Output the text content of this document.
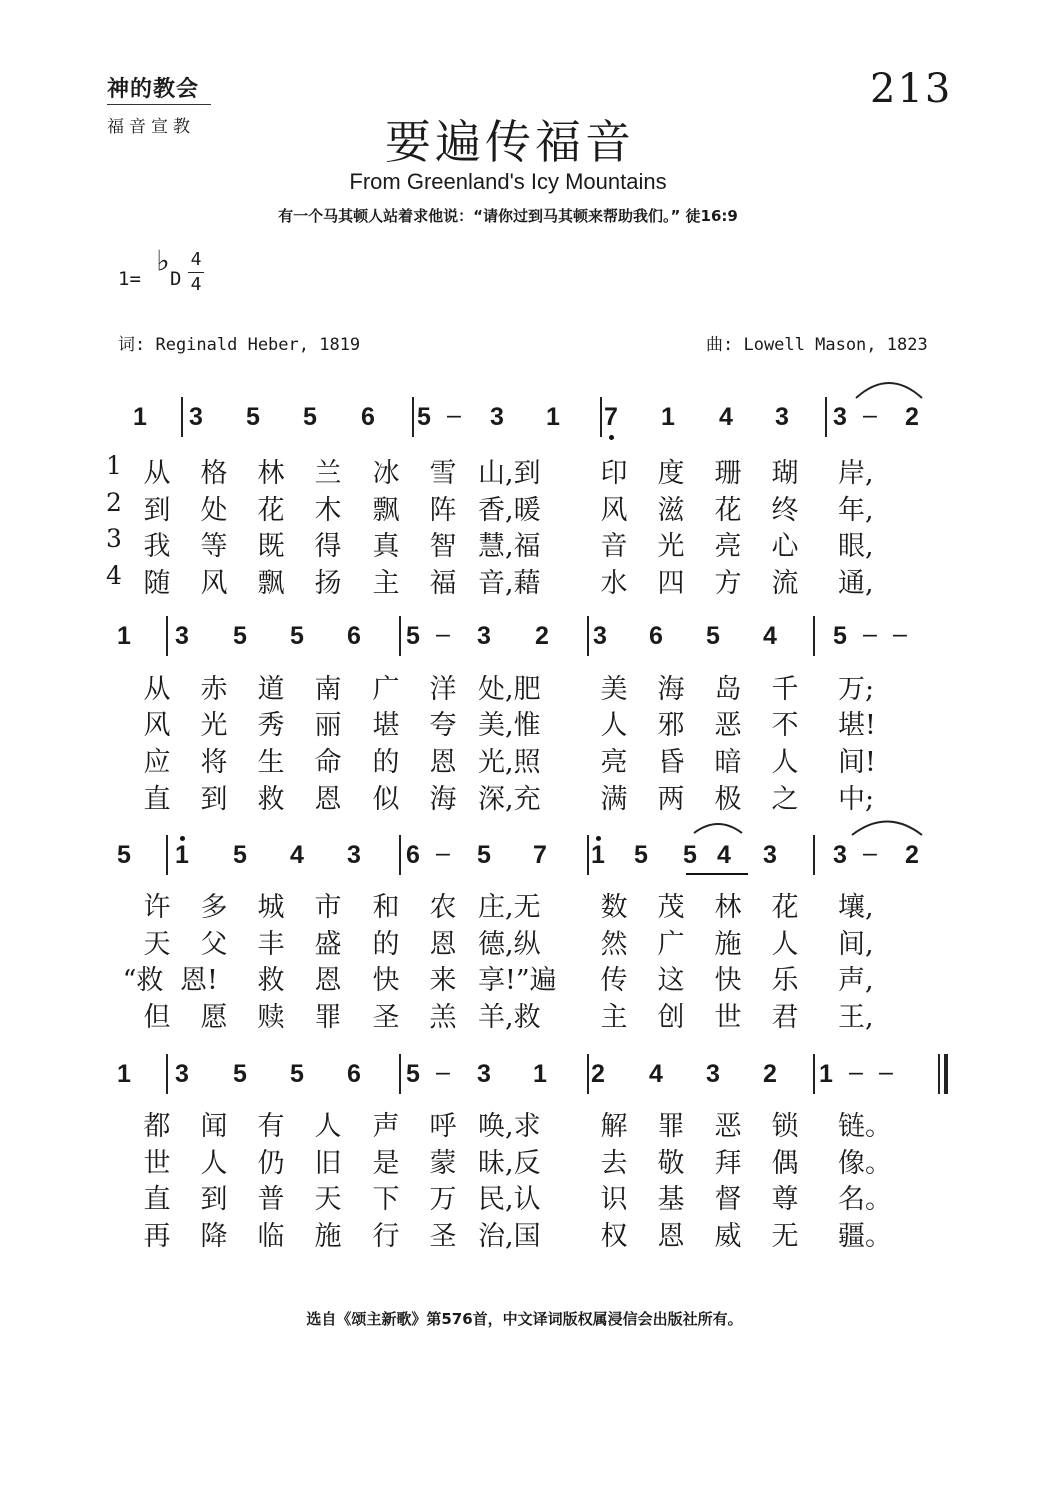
神的教会
福音宣教
213
要遍传福音
From Greenland's Icy Mountains
有一个马其顿人站着求他说：“请你过到马其顿来帮助我们。” 徒16:9
1= ♭
D
4
4
词: Reginald Heber, 1819	曲: Lowell Mason, 1823
1 3 5 5 6 5 – 3 1 7 1 4 3 3 – 2
1 从 格 林 兰 冰 雪 山,到	印 度 珊 瑚 岸,
2 到 处 花 木 飘 阵 香,暖	风 滋 花 终 年,
3 我 等 既 得 真 智 慧,福	音 光 亮 心 眼,
4 随 风 飘 扬 主 福 音,藉	水 四 方 流 通,
1 3 5 5 6 5 – 3 2 3 6 5 4 5 – –
从 赤 道 南 广 洋 处,肥	美 海 岛 千 万;
风 光 秀 丽 堪 夸 美,惟	人 邪 恶 不 堪!
应 将 生 命 的 恩 光,照	亮 昏 暗 人 间!
直 到 救 恩 似 海 深,充	满 两 极 之 中;
5 1 5 4 3 6 – 5 7 1 5 5 4 3 3 – 2
许 多 城 市 和 农 庄,无	数 茂 林 花 壤,
天 父 丰 盛 的 恩 德,纵	然 广 施 人 间,
“救 恩!	救 恩 快 来 享!”遍	传 这 快 乐 声,
但 愿 赎 罪 圣 羔 羊,救	主 创 世 君 王,
1 3 5 5 6 5 – 3 1 2 4 3 2 1 – –
都 闻 有 人 声 呼 唤,求	解 罪 恶 锁 链。
世 人 仍 旧 是 蒙 昧,反	去 敬 拜 偶 像。
直 到 普 天 下 万 民,认	识 基 督 尊 名。
再 降 临 施 行 圣 治,国	权 恩 威 无 疆。
选自《颂主新歌》第576首，中文译词版权属浸信会出版社所有。
